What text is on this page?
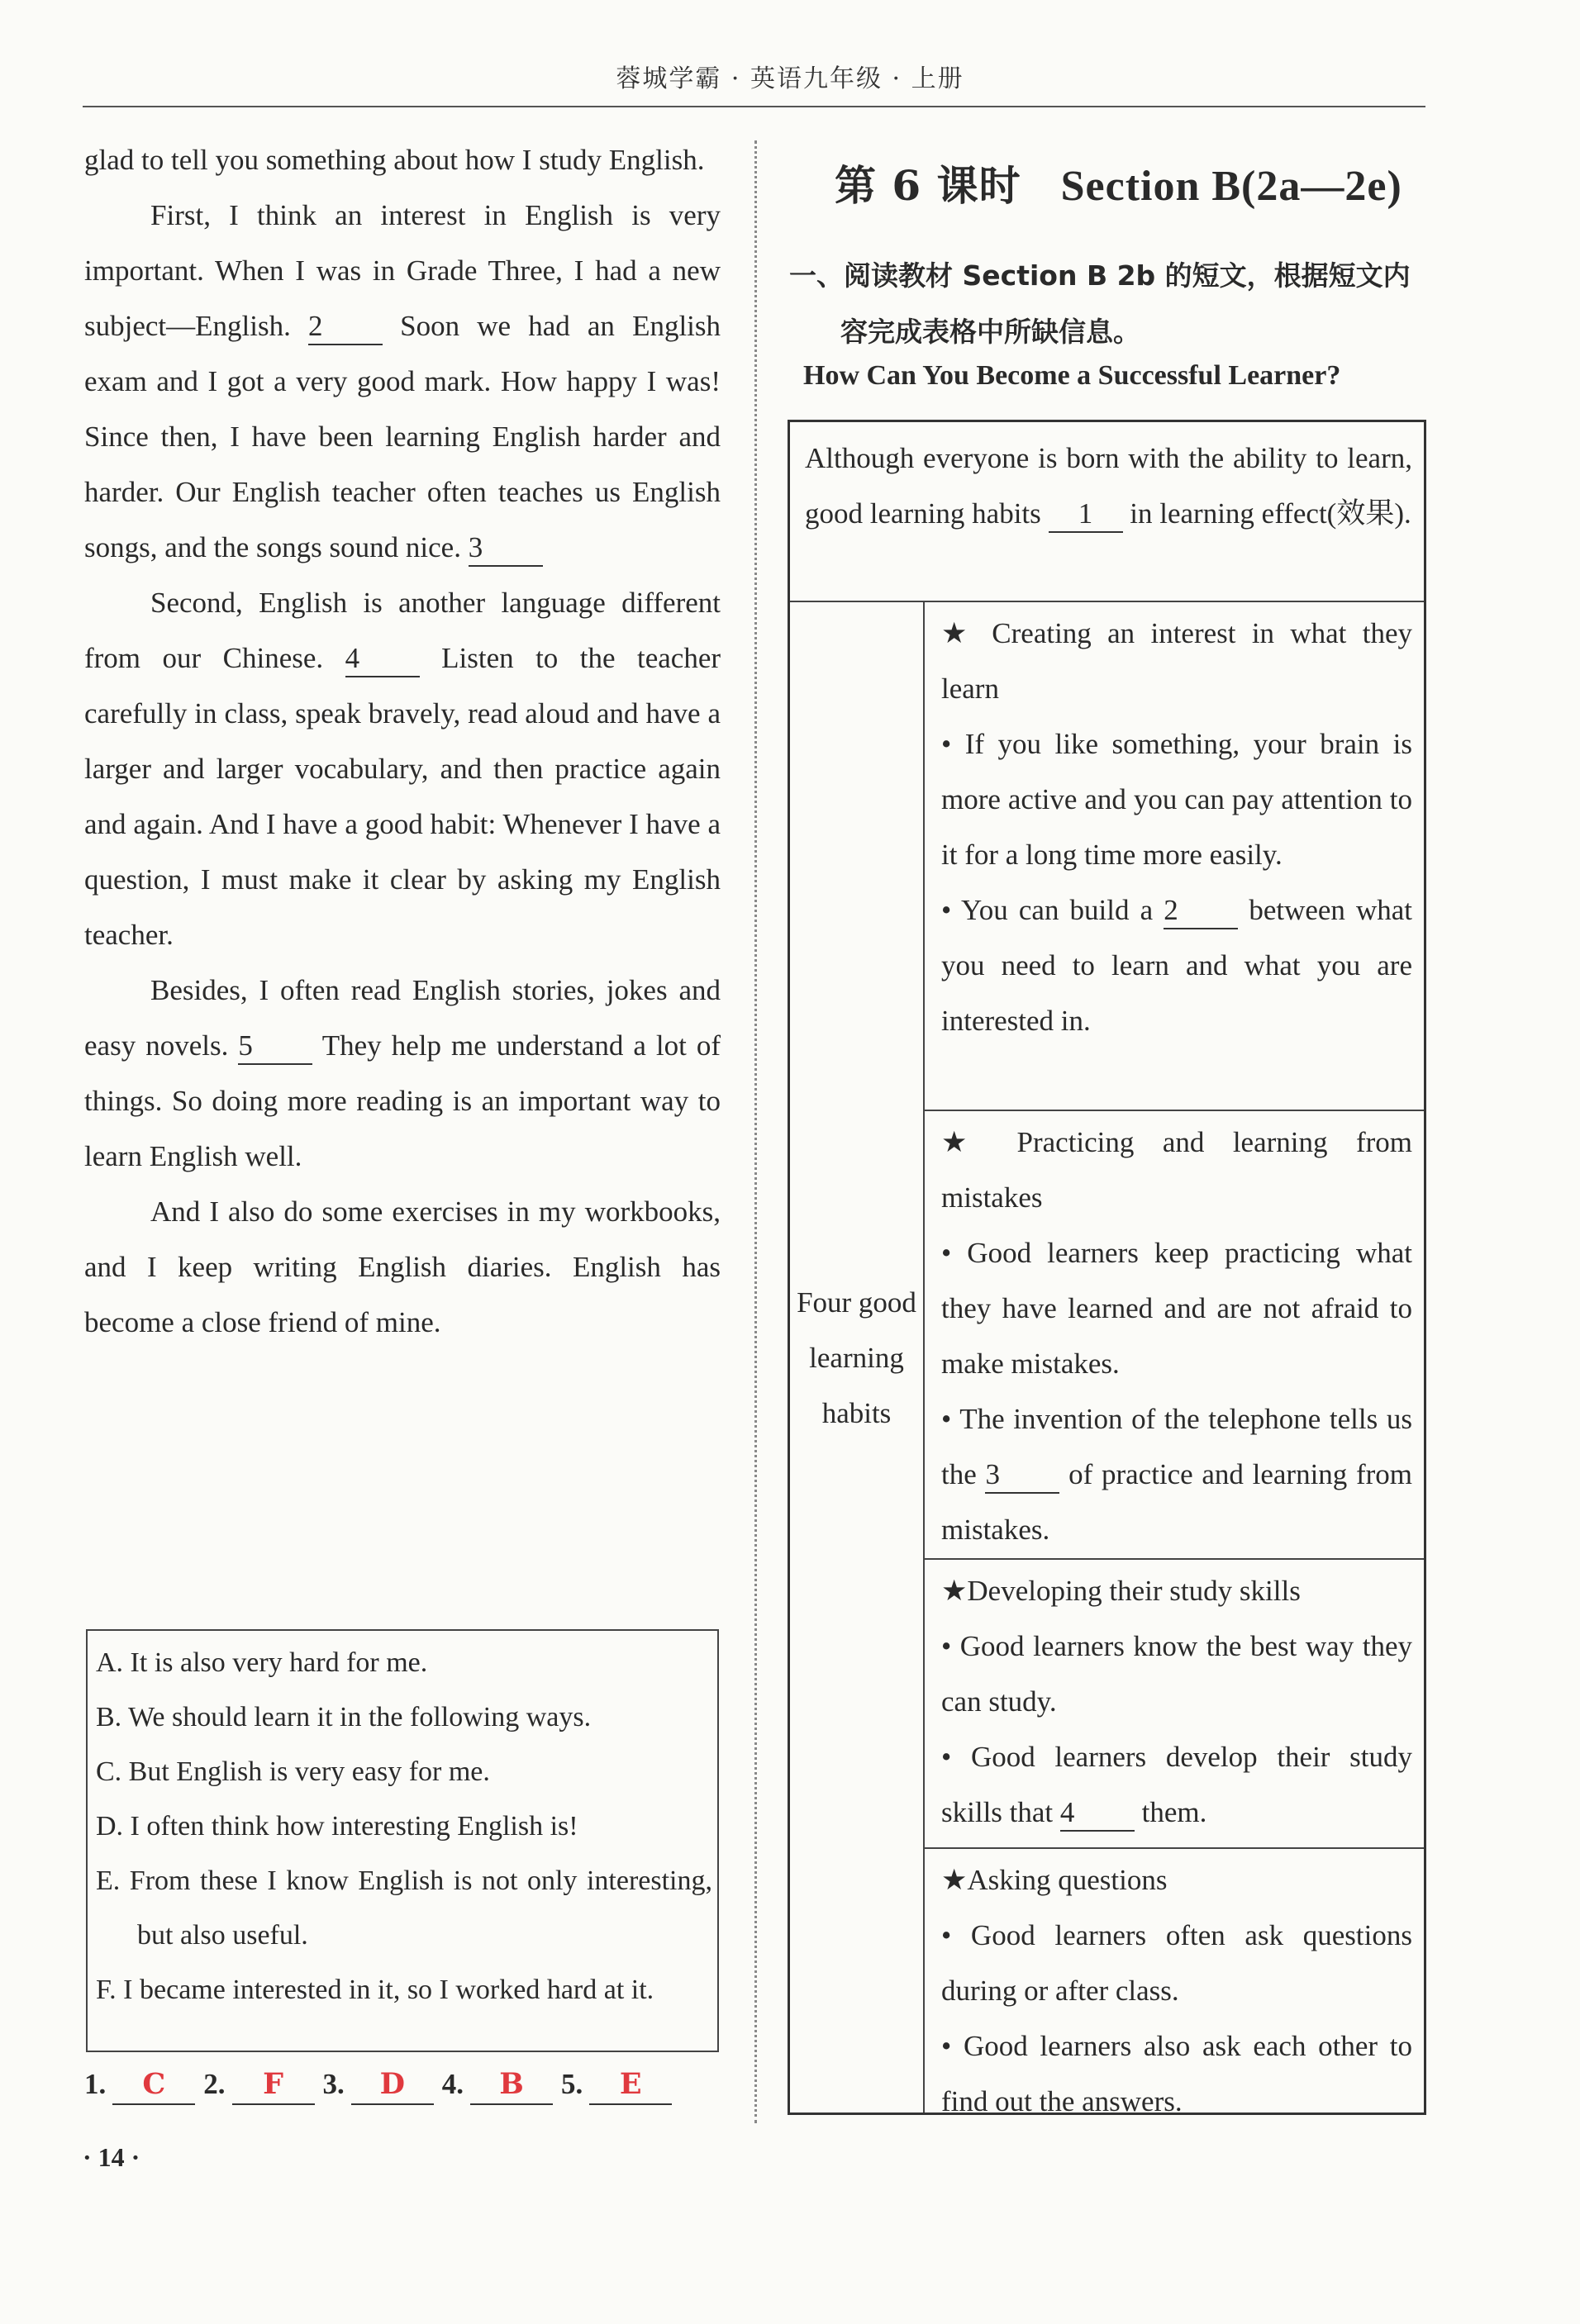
蓉城学霸 · 英语九年级 · 上册

glad to tell you something about how I study English.

First, I think an interest in English is very important. When I was in Grade Three, I had a new subject—English. 2	Soon we had an English exam and I got a very good mark. How happy I was! Since then, I have been learning English harder and harder. Our English teacher often teaches us English songs, and the songs sound nice. 3

Second, English is another language different from our Chinese. 4	Listen to the teacher carefully in class, speak bravely, read aloud and have a larger and larger vocabulary, and then practice again and again. And I have a good habit: Whenever I have a question, I must make it clear by asking my English teacher.

Besides, I often read English stories, jokes and easy novels. 5 They help me understand a lot of things. So doing more reading is an important way to learn English well.

And I also do some exercises in my workbooks, and I keep writing English diaries. English has become a close friend of mine.

A. It is also very hard for me.

B. We should learn it in the following ways.

C. But English is very easy for me.

D. I often think how interesting English is!

E. From these I know English is not only interesting, but also useful.

F. I became interested in it, so I worked hard at it.

1.	C	2.	F	3.	D	4.	B	5.	E
· 14 ·
第 6 课时 Section B(2a—2e)
一、阅读教材 Section B 2b 的短文，根据短文内
容完成表格中所缺信息。
How Can You Become a Successful Learner?

Although everyone is born with the ability to learn, good learning habits 1 in learning effect(效果).

Four good learning habits

★ Creating an interest in what they learn

• If you like something, your brain is more active and you can pay attention to it for a long time more easily.

• You can build a 2 between what you need to learn and what you are interested in.

★ Practicing and learning from mistakes

• Good learners keep practicing what they have learned and are not afraid to make mistakes.

• The invention of the telephone tells us the 3 of practice and learning from mistakes.

★Developing their study skills

• Good learners know the best way they can study.

• Good learners develop their study skills that 4 them.

★Asking questions

• Good learners often ask questions during or after class.

• Good learners also ask each other to find out the answers.
